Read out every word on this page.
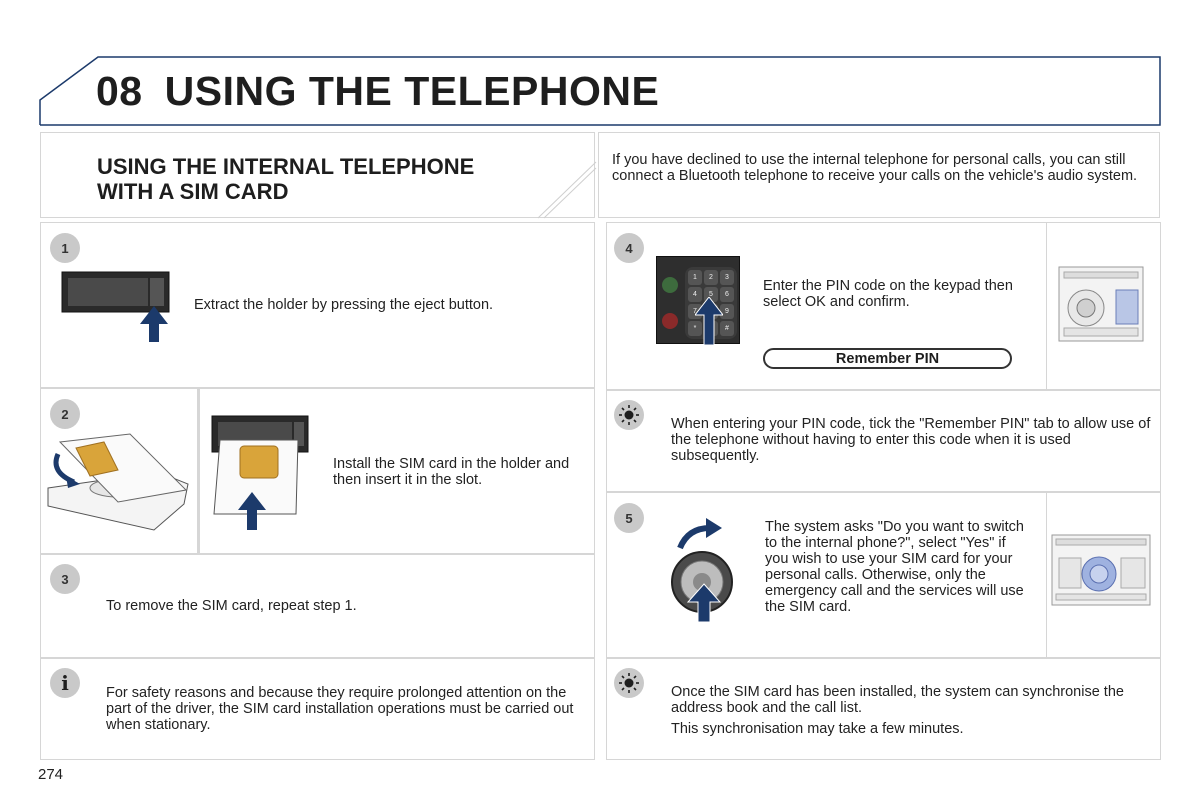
08 USING THE TELEPHONE
USING THE INTERNAL TELEPHONE
WITH A SIM CARD
If you have declined to use the internal telephone for personal calls, you can still connect a Bluetooth telephone to receive your calls on the vehicle's audio system.
1
Extract the holder by pressing the eject button.
2
Install the SIM card in the holder and then insert it in the slot.
3
To remove the SIM card, repeat step 1.
i	For safety reasons and because they require prolonged attention on the part of the driver, the SIM card installation operations must be carried out when stationary.
4
1	2	3
4	5	6
7	9
*	#
Enter the PIN code on the keypad then select OK and confirm.
Remember PIN
When entering your PIN code, tick the "Remember PIN" tab to allow use of the telephone without having to enter this code when it is used subsequently.
5
The system asks "Do you want to switch to the internal phone?", select "Yes" if you wish to use your SIM card for your personal calls. Otherwise, only the emergency call and the services will use the SIM card.
Once the SIM card has been installed, the system can synchronise the address book and the call list.
This synchronisation may take a few minutes.
274
